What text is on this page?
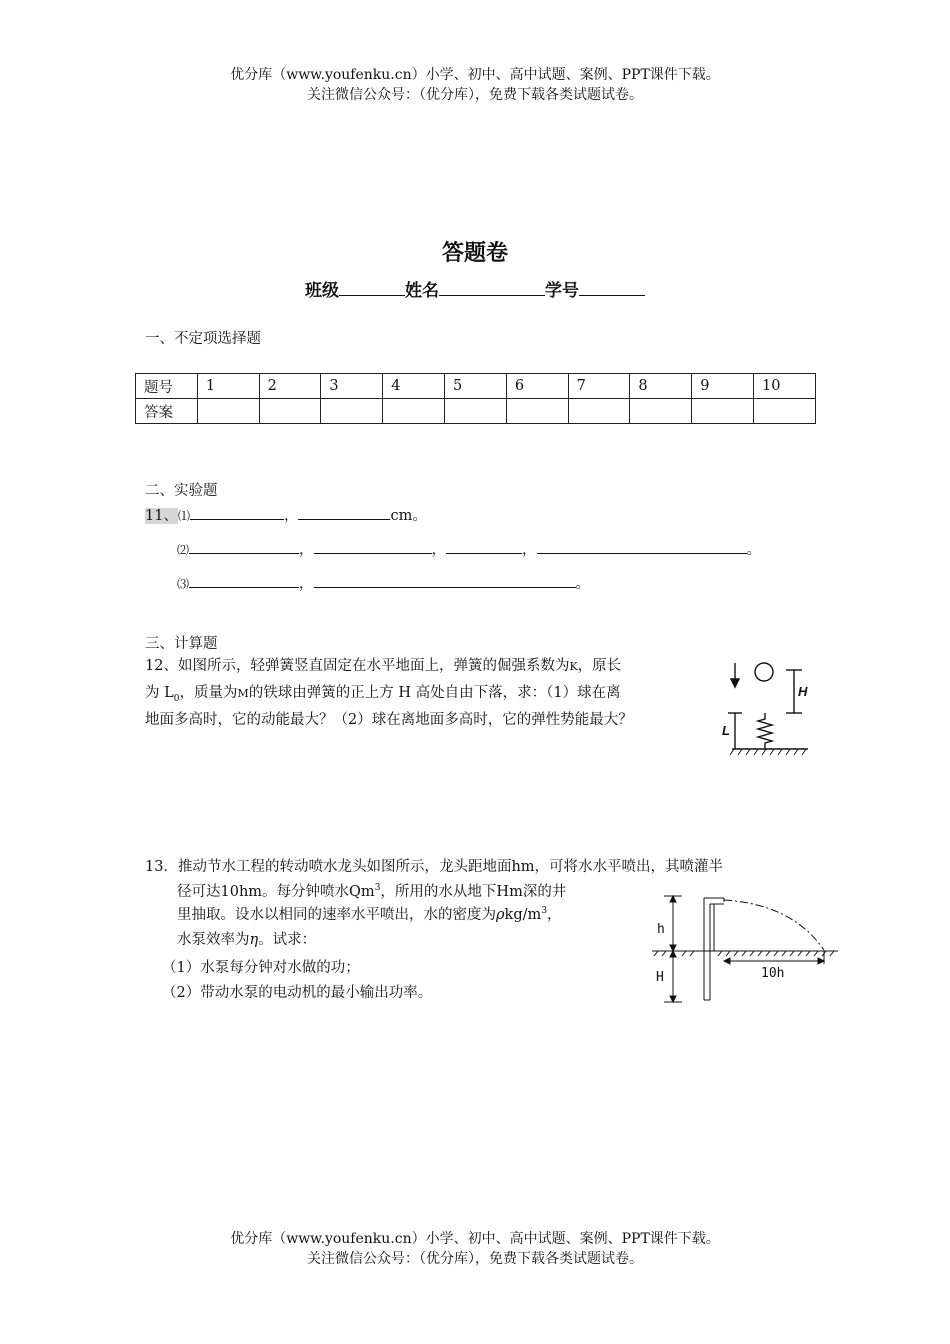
优分库（www.youfenku.cn）小学、初中、高中试题、案例、PPT课件下载。
关注微信公众号：（优分库），免费下载各类试题试卷。
答题卷
班级	姓名	学号
一、不定项选择题
题号	1	2	3	4	5	6	7	8	9	10
答案										
二、实验题
11、⑴	，	cm。
⑵	，	，	，	。
⑶	，	。
三、计算题
12、如图所示，轻弹簧竖直固定在水平地面上，弹簧的倔强系数为K，原长
为 $L_0$，质量为M的铁球由弹簧的正上方 H 高处自由下落，求：（1）球在离
地面多高时，它的动能最大？（2）球在离地面多高时，它的弹性势能最大？
H
L
13．推动节水工程的转动喷水龙头如图所示，龙头距地面hm，可将水水平喷出，其喷灌半
径可达10hm。每分钟喷水Qm$^3$，所用的水从地下Hm深的井
里抽取。设水以相同的速率水平喷出，水的密度为ρkg/$m^3$，
水泵效率为η。试求：
（1）水泵每分钟对水做的功；
（2）带动水泵的电动机的最小输出功率。
h
H	10h
优分库（www.youfenku.cn）小学、初中、高中试题、案例、PPT课件下载。
关注微信公众号：（优分库），免费下载各类试题试卷。
